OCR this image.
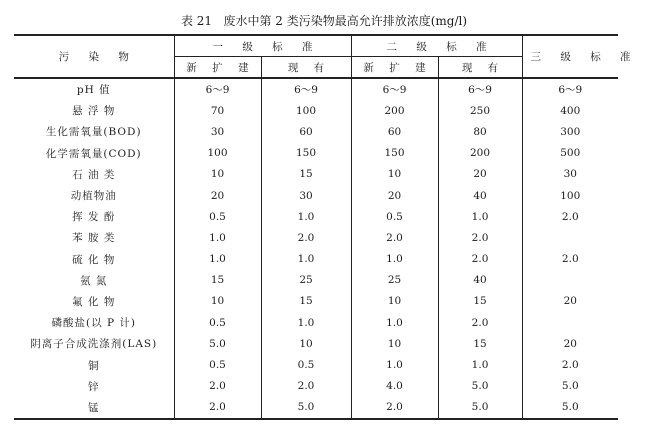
表 21   废水中第 2 类污染物最高允许排放浓度(mg/l)
污 染 物	一 级 标 准		二 级 标 准		三 级 标 准
	新 扩 建	现 有	新 扩 建	现 有	
pH 值	6～9	6～9	6～9	6～9	6～9
悬 浮 物	70	100	200	250	400
生化需氧量(BOD)	30	60	60	80	300
化学需氧量(COD)	100	150	150	200	500
石 油 类	10	15	10	20	30
动植物油	20	30	20	40	100
挥 发 酚	0.5	1.0	0.5	1.0	2.0
苯 胺 类	1.0	2.0	2.0	2.0	
硫 化 物	1.0	1.0	1.0	2.0	2.0
氨 氮	15	25	25	40	
氟 化 物	10	15	10	15	20
磷酸盐(以 P 计)	0.5	1.0	1.0	2.0	
阴离子合成洗涤剂(LAS)	5.0	10	10	15	20
铜	0.5	0.5	1.0	1.0	2.0
锌	2.0	2.0	4.0	5.0	5.0
锰	2.0	5.0	2.0	5.0	5.0
